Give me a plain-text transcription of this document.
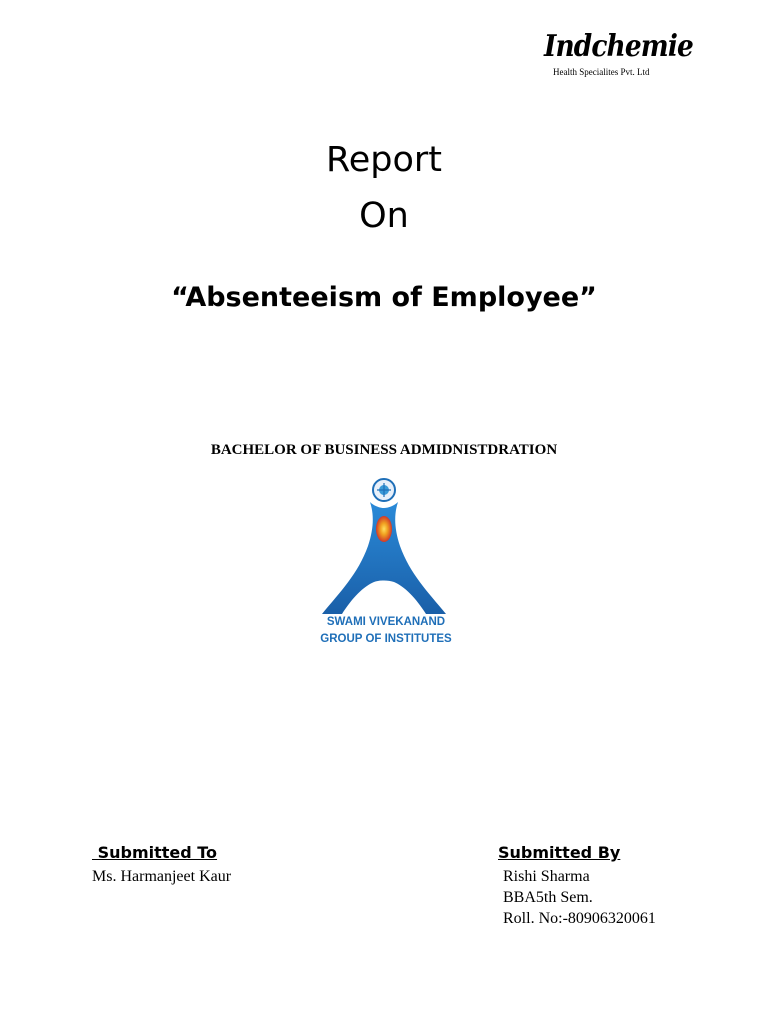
Indchemie
Health Specialites Pvt. Ltd
Report
On
“Absenteeism of Employee”
BACHELOR OF BUSINESS ADMIDNISTDRATION
SWAMI VIVEKANAND
GROUP OF INSTITUTES
Submitted To	Submitted By
Ms. Harmanjeet Kaur	Rishi Sharma
BBA5th Sem.
Roll. No:-80906320061
